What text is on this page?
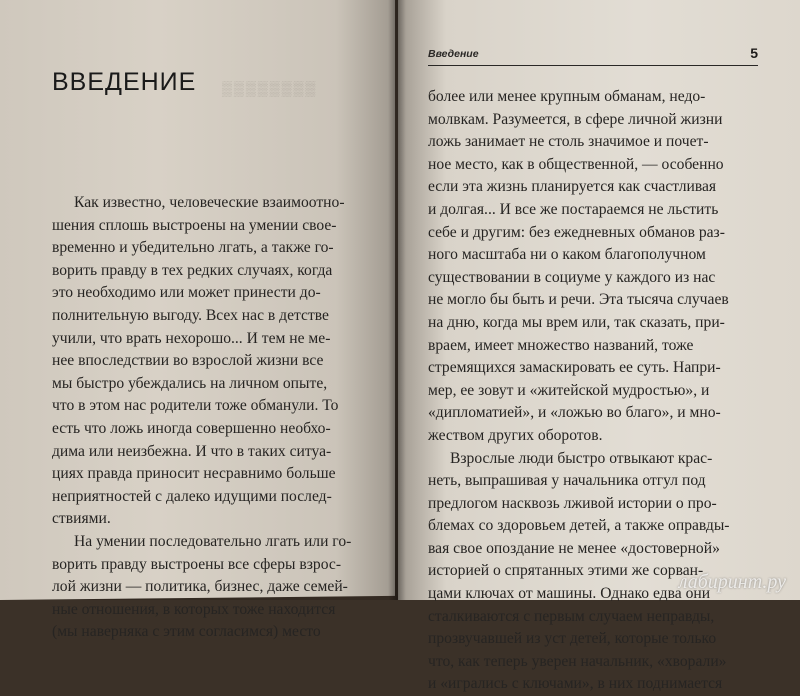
ВВЕДЕНИЕ ▒▒▒▒▒▒▒▒
Как известно, человеческие взаимоотно-
шения сплошь выстроены на умении свое-
временно и убедительно лгать, а также го-
ворить правду в тех редких случаях, когда
это необходимо или может принести до-
полнительную выгоду. Всех нас в детстве
учили, что врать нехорошо... И тем не ме-
нее впоследствии во взрослой жизни все
мы быстро убеждались на личном опыте,
что в этом нас родители тоже обманули. То
есть что ложь иногда совершенно необхо-
дима или неизбежна. И что в таких ситуа-
циях правда приносит несравнимо больше
неприятностей с далеко идущими послед-
ствиями.
На умении последовательно лгать или го-
ворить правду выстроены все сферы взрос-
лой жизни — политика, бизнес, даже семей-
ные отношения, в которых тоже находится
(мы наверняка с этим согласимся) место
Введение	5
более или менее крупным обманам, недо-
молвкам. Разумеется, в сфере личной жизни
ложь занимает не столь значимое и почет-
ное место, как в общественной, — особенно
если эта жизнь планируется как счастливая
и долгая... И все же постараемся не льстить
себе и другим: без ежедневных обманов раз-
ного масштаба ни о каком благополучном
существовании в социуме у каждого из нас
не могло бы быть и речи. Эта тысяча случаев
на дню, когда мы врем или, так сказать, при-
враем, имеет множество названий, тоже
стремящихся замаскировать ее суть. Напри-
мер, ее зовут и «житейской мудростью», и
«дипломатией», и «ложью во благо», и мно-
жеством других оборотов.
Взрослые люди быстро отвыкают крас-
неть, выпрашивая у начальника отгул под
предлогом насквозь лживой истории о про-
блемах со здоровьем детей, а также оправды-
вая свое опоздание не менее «достоверной»
историей о спрятанных этими же сорван-
цами ключах от машины. Однако едва они
сталкиваются с первым случаем неправды,
прозвучавшей из уст детей, которые только
что, как теперь уверен начальник, «хворали»
и «игрались с ключами», в них поднимается
лабиринт.ру
